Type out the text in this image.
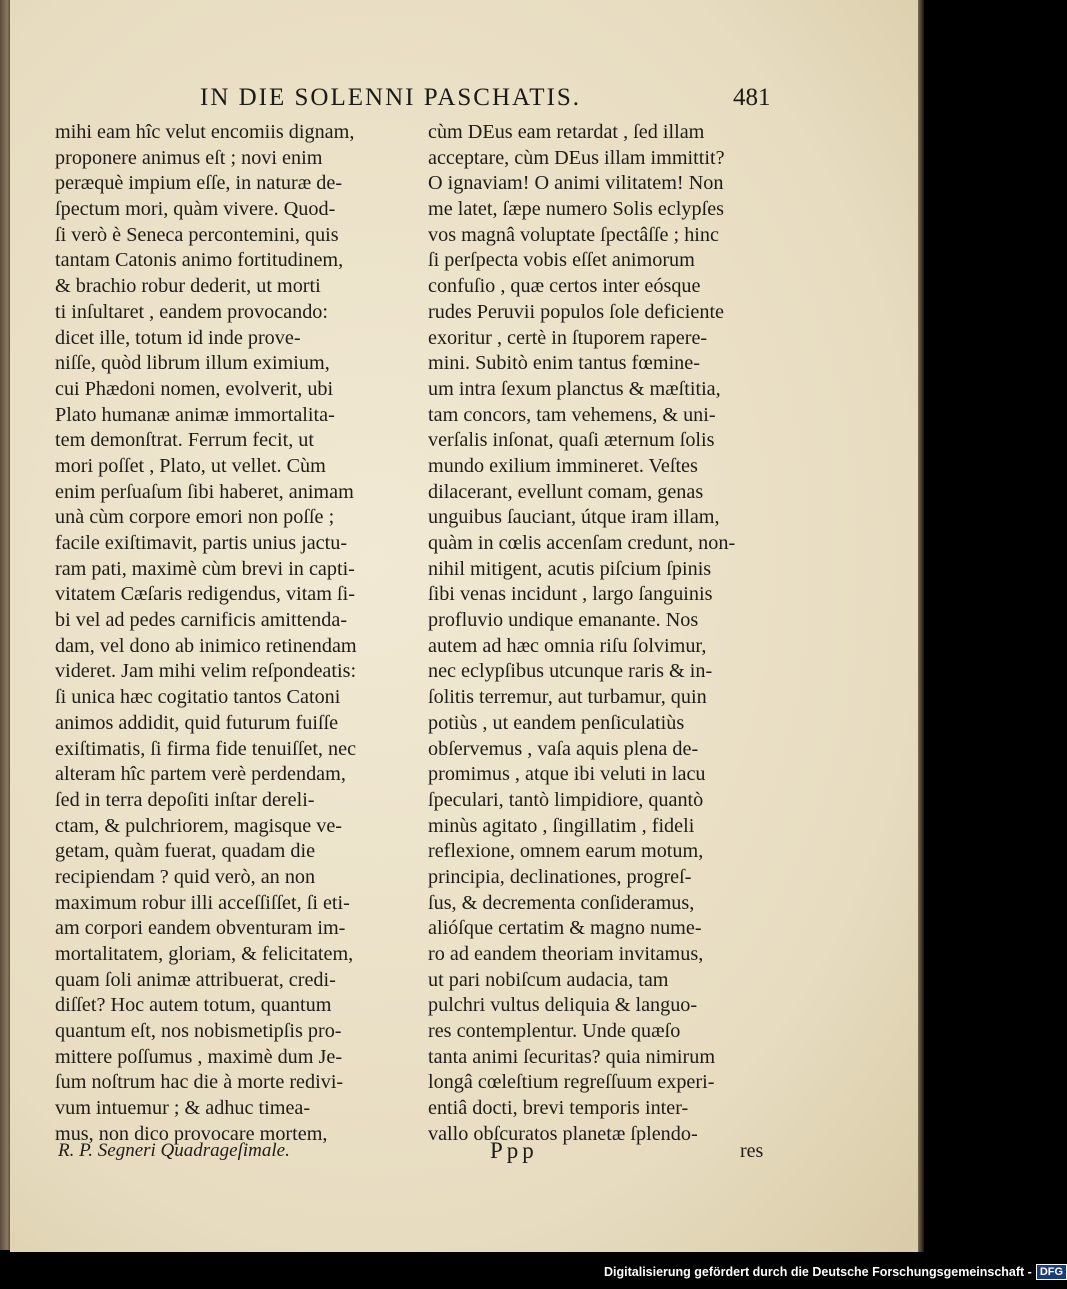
IN DIE SOLENNI PASCHATIS.	481
mihi eam hîc velut encomiis dignam,
proponere animus eſt ; novi enim
peræquè impium eſſe, in naturæ de-
ſpectum mori, quàm vivere. Quod-
ſi verò è Seneca percontemini, quis
tantam Catonis animo fortitudinem,
& brachio robur dederit, ut morti
ti inſultaret , eandem provocando:
dicet ille, totum id inde prove-
niſſe, quòd librum illum eximium,
cui Phædoni nomen, evolverit, ubi
Plato humanæ animæ immortalita-
tem demonſtrat. Ferrum fecit, ut
mori poſſet , Plato, ut vellet. Cùm
enim perſuaſum ſibi haberet, animam
unà cùm corpore emori non poſſe ;
facile exiſtimavit, partis unius jactu-
ram pati, maximè cùm brevi in capti-
vitatem Cæſaris redigendus, vitam ſi-
bi vel ad pedes carnificis amittenda-
dam, vel dono ab inimico retinendam
videret. Jam mihi velim reſpondeatis:
ſi unica hæc cogitatio tantos Catoni
animos addidit, quid futurum fuiſſe
exiſtimatis, ſi firma fide tenuiſſet, nec
alteram hîc partem verè perdendam,
ſed in terra depoſiti inſtar dereli-
ctam, & pulchriorem, magisque ve-
getam, quàm fuerat, quadam die
recipiendam ? quid verò, an non
maximum robur illi acceſſiſſet, ſi eti-
am corpori eandem obventuram im-
mortalitatem, gloriam, & felicitatem,
quam ſoli animæ attribuerat, credi-
diſſet? Hoc autem totum, quantum
quantum eſt, nos nobismetipſis pro-
mittere poſſumus , maximè dum Je-
ſum noſtrum hac die à morte redivi-
vum intuemur ; & adhuc timea-
mus, non dico provocare mortem,
cùm DEus eam retardat , ſed illam
acceptare, cùm DEus illam immittit?
O ignaviam! O animi vilitatem! Non
me latet, ſæpe numero Solis eclypſes
vos magnâ voluptate ſpectâſſe ; hinc
ſi perſpecta vobis eſſet animorum
confuſio , quæ certos inter eósque
rudes Peruvii populos ſole deficiente
exoritur , certè in ſtuporem rapere-
mini. Subitò enim tantus fœmine-
um intra ſexum planctus & mæſtitia,
tam concors, tam vehemens, & uni-
verſalis inſonat, quaſi æternum ſolis
mundo exilium immineret. Veſtes
dilacerant, evellunt comam, genas
unguibus ſauciant, útque iram illam,
quàm in cœlis accenſam credunt, non-
nihil mitigent, acutis piſcium ſpinis
ſibi venas incidunt , largo ſanguinis
profluvio undique emanante. Nos
autem ad hæc omnia riſu ſolvimur,
nec eclypſibus utcunque raris & in-
ſolitis terremur, aut turbamur, quin
potiùs , ut eandem penſiculatiùs
obſervemus , vaſa aquis plena de-
promimus , atque ibi veluti in lacu
ſpeculari, tantò limpidiore, quantò
minùs agitato , ſingillatim , fideli
reflexione, omnem earum motum,
principia, declinationes, progreſ-
ſus, & decrementa conſideramus,
alióſque certatim & magno nume-
ro ad eandem theoriam invitamus,
ut pari nobiſcum audacia, tam
pulchri vultus deliquia & languo-
res contemplentur. Unde quæſo
tanta animi ſecuritas? quia nimirum
longâ cœleſtium regreſſuum experi-
entiâ docti, brevi temporis inter-
vallo obſcuratos planetæ ſplendo-
R. P. Segneri Quadrageſimale.	Ppp	res
Digitalisierung gefördert durch die Deutsche Forschungsgemeinschaft - DFG
